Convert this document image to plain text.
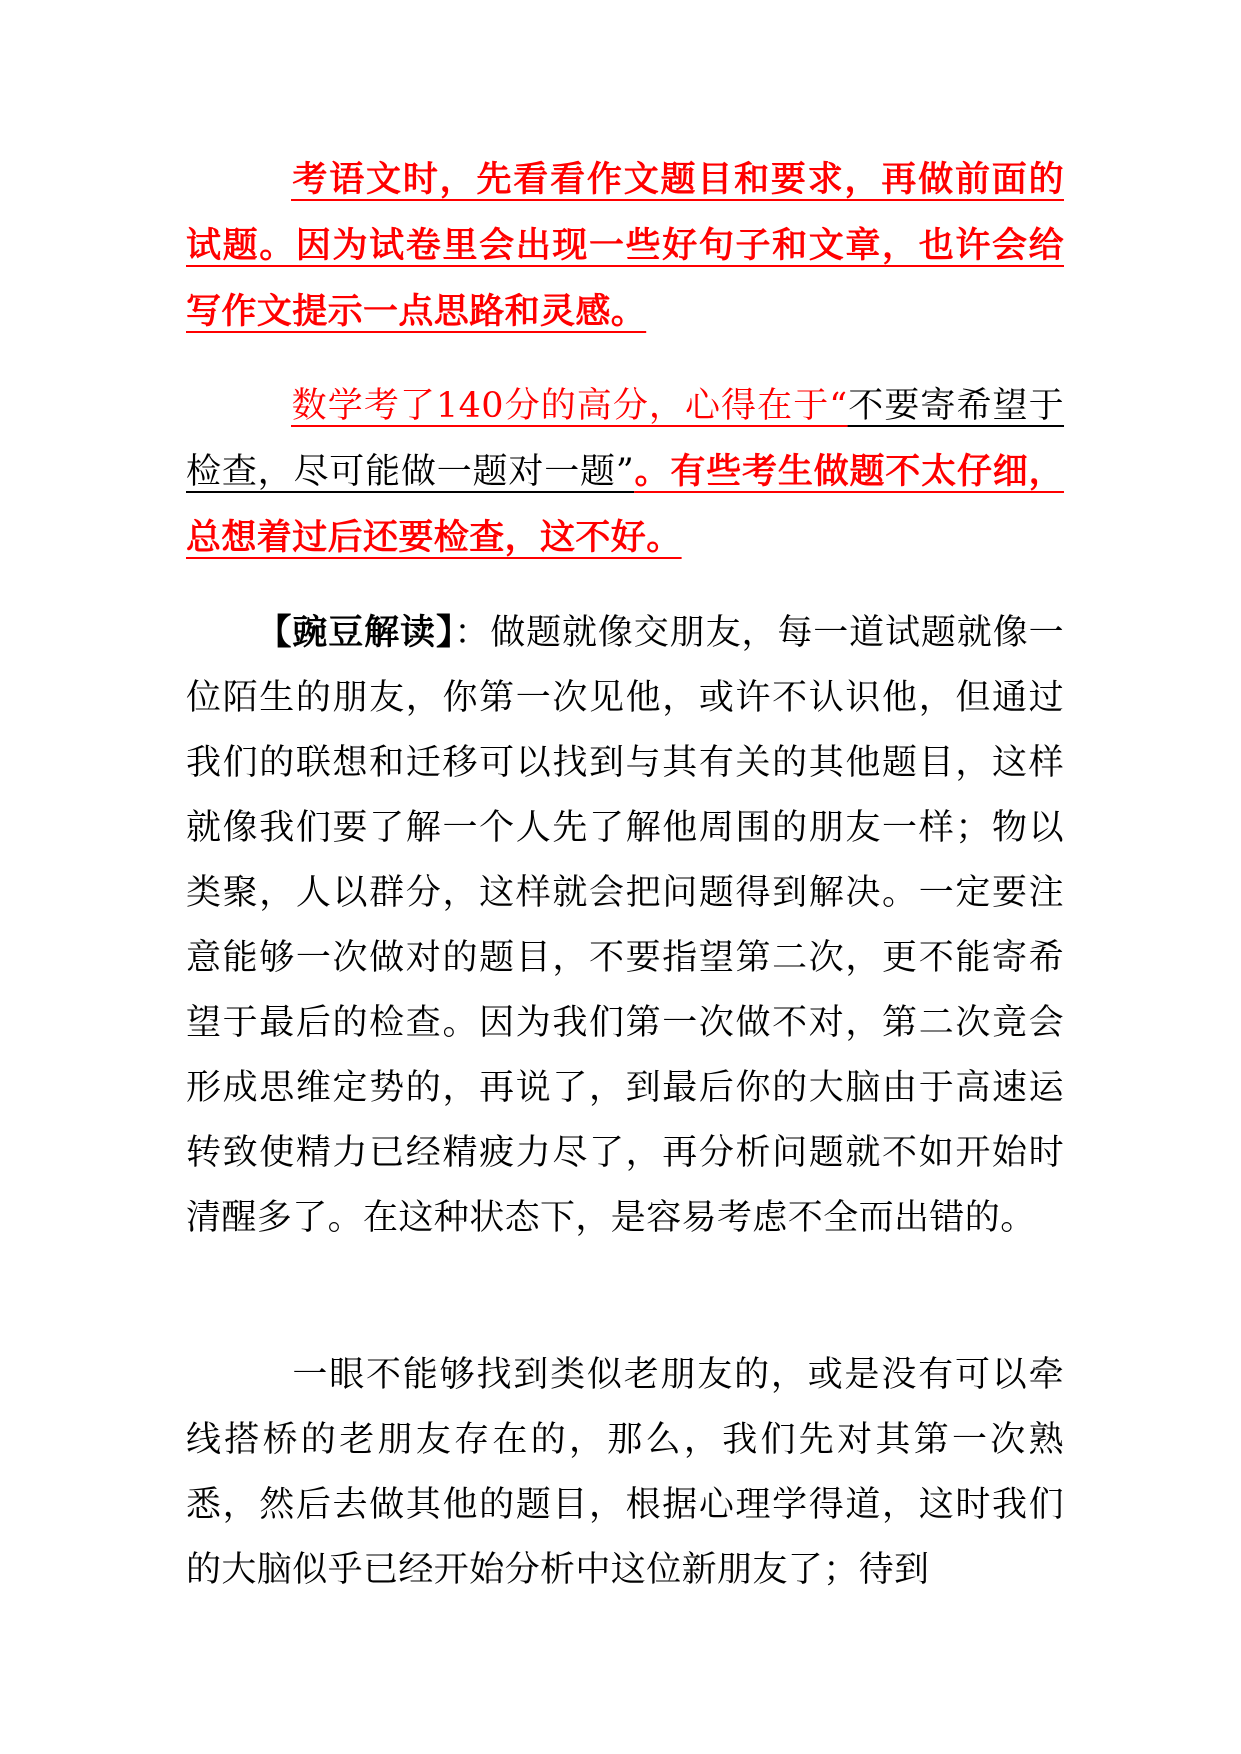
考语文时，先看看作文题目和要求，再做前面的试题。因为试卷里会出现一些好句子和文章，也许会给写作文提示一点思路和灵感。

数学考了140分的高分，心得在于“不要寄希望于检查，尽可能做一题对一题”。有些考生做题不太仔细，总想着过后还要检查，这不好。

【豌豆解读】：做题就像交朋友，每一道试题就像一位陌生的朋友，你第一次见他，或许不认识他，但通过我们的联想和迁移可以找到与其有关的其他题目，这样就像我们要了解一个人先了解他周围的朋友一样；物以类聚，人以群分，这样就会把问题得到解决。一定要注意能够一次做对的题目，不要指望第二次，更不能寄希望于最后的检查。因为我们第一次做不对，第二次竟会形成思维定势的，再说了，到最后你的大脑由于高速运转致使精力已经精疲力尽了，再分析问题就不如开始时清醒多了。在这种状态下，是容易考虑不全而出错的。

一眼不能够找到类似老朋友的，或是没有可以牵线搭桥的老朋友存在的，那么，我们先对其第一次熟悉，然后去做其他的题目，根据心理学得道，这时我们的大脑似乎已经开始分析中这位新朋友了；待到
